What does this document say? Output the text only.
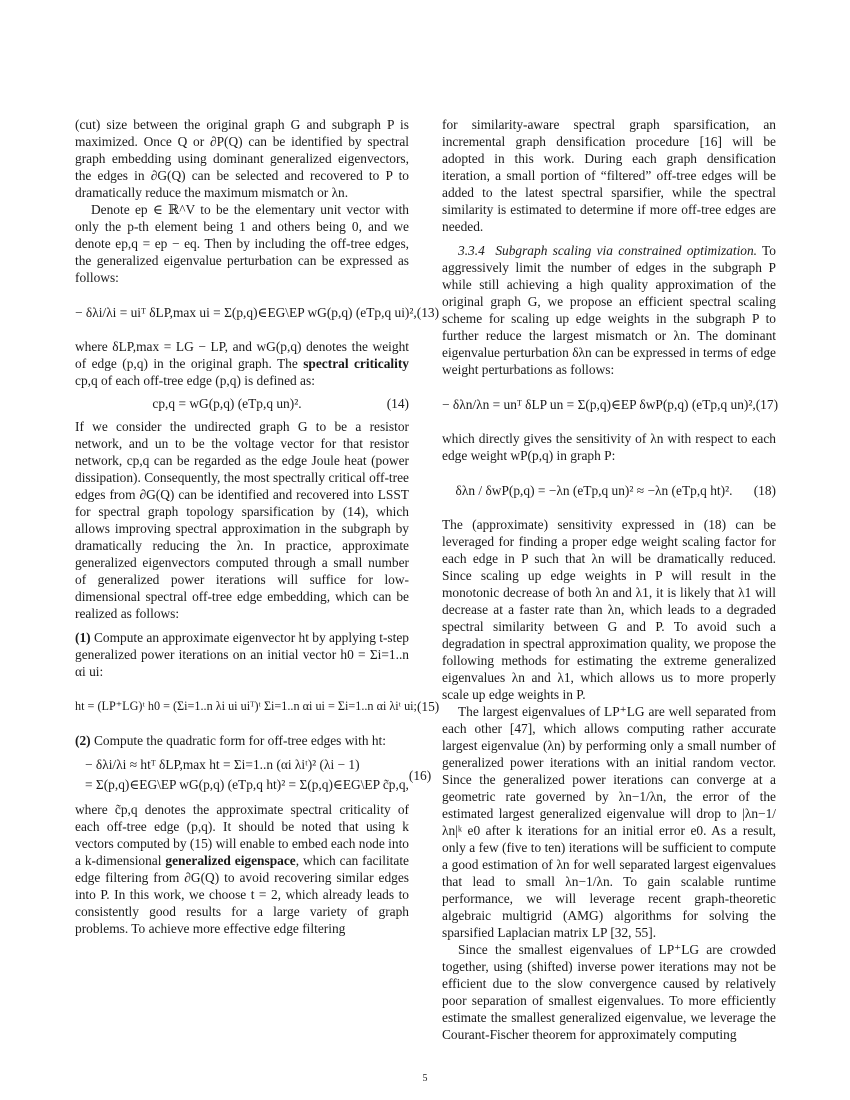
(cut) size between the original graph G and subgraph P is maximized. Once Q or ∂P(Q) can be identified by spectral graph embedding using dominant generalized eigenvectors, the edges in ∂G(Q) can be selected and recovered to P to dramatically reduce the maximum mismatch or λn.

Denote ep ∈ ℝ^V to be the elementary unit vector with only the p-th element being 1 and others being 0, and we denote ep,q = ep − eq. Then by including the off-tree edges, the generalized eigenvalue perturbation can be expressed as follows:

− δλi/λi = uiᵀ δLP,max ui = Σ(p,q)∈EG\EP wG(p,q) (eTp,q ui)², (13)

where δLP,max = LG − LP, and wG(p,q) denotes the weight of edge (p,q) in the original graph. The spectral criticality cp,q of each off-tree edge (p,q) is defined as:

cp,q = wG(p,q) (eTp,q un)².	(14)

If we consider the undirected graph G to be a resistor network, and un to be the voltage vector for that resistor network, cp,q can be regarded as the edge Joule heat (power dissipation). Consequently, the most spectrally critical off-tree edges from ∂G(Q) can be identified and recovered into LSST for spectral graph topology sparsification by (14), which allows improving spectral approximation in the subgraph by dramatically reducing the λn. In practice, approximate generalized eigenvectors computed through a small number of generalized power iterations will suffice for low-dimensional spectral off-tree edge embedding, which can be realized as follows:

(1) Compute an approximate eigenvector ht by applying t-step generalized power iterations on an initial vector h0 = Σi=1..n αi ui:

ht = (LP⁺LG)ᵗ h0 = (Σi=1..n λi ui uiᵀ)ᵗ Σi=1..n αi ui = Σi=1..n αi λiᵗ ui; (15)

(2) Compute the quadratic form for off-tree edges with ht:

− δλi/λi ≈ htᵀ δLP,max ht = Σi=1..n (αi λiᵗ)² (λi − 1)
= Σ(p,q)∈EG\EP wG(p,q) (eTp,q ht)² = Σ(p,q)∈EG\EP c̃p,q,
(16)

where c̃p,q denotes the approximate spectral criticality of each off-tree edge (p,q). It should be noted that using k vectors computed by (15) will enable to embed each node into a k-dimensional generalized eigenspace, which can facilitate edge filtering from ∂G(Q) to avoid recovering similar edges into P. In this work, we choose t = 2, which already leads to consistently good results for a large variety of graph problems. To achieve more effective edge filtering

for similarity-aware spectral graph sparsification, an incremental graph densification procedure [16] will be adopted in this work. During each graph densification iteration, a small portion of “filtered” off-tree edges will be added to the latest spectral sparsifier, while the spectral similarity is estimated to determine if more off-tree edges are needed.

3.3.4 Subgraph scaling via constrained optimization. To aggressively limit the number of edges in the subgraph P while still achieving a high quality approximation of the original graph G, we propose an efficient spectral scaling scheme for scaling up edge weights in the subgraph P to further reduce the largest mismatch or λn. The dominant eigenvalue perturbation δλn can be expressed in terms of edge weight perturbations as follows:

− δλn/λn = unᵀ δLP un = Σ(p,q)∈EP δwP(p,q) (eTp,q un)², (17)

which directly gives the sensitivity of λn with respect to each edge weight wP(p,q) in graph P:

δλn / δwP(p,q) = −λn (eTp,q un)² ≈ −λn (eTp,q ht)².	(18)

The (approximate) sensitivity expressed in (18) can be leveraged for finding a proper edge weight scaling factor for each edge in P such that λn will be dramatically reduced. Since scaling up edge weights in P will result in the monotonic decrease of both λn and λ1, it is likely that λ1 will decrease at a faster rate than λn, which leads to a degraded spectral similarity between G and P. To avoid such a degradation in spectral approximation quality, we propose the following methods for estimating the extreme generalized eigenvalues λn and λ1, which allows us to more properly scale up edge weights in P.

The largest eigenvalues of LP⁺LG are well separated from each other [47], which allows computing rather accurate largest eigenvalue (λn) by performing only a small number of generalized power iterations with an initial random vector. Since the generalized power iterations can converge at a geometric rate governed by λn−1/λn, the error of the estimated largest generalized eigenvalue will drop to |λn−1/λn|ᵏ e0 after k iterations for an initial error e0. As a result, only a few (five to ten) iterations will be sufficient to compute a good estimation of λn for well separated largest eigenvalues that lead to small λn−1/λn. To gain scalable runtime performance, we will leverage recent graph-theoretic algebraic multigrid (AMG) algorithms for solving the sparsified Laplacian matrix LP [32, 55].

Since the smallest eigenvalues of LP⁺LG are crowded together, using (shifted) inverse power iterations may not be efficient due to the slow convergence caused by relatively poor separation of smallest eigenvalues. To more efficiently estimate the smallest generalized eigenvalue, we leverage the Courant-Fischer theorem for approximately computing

5
